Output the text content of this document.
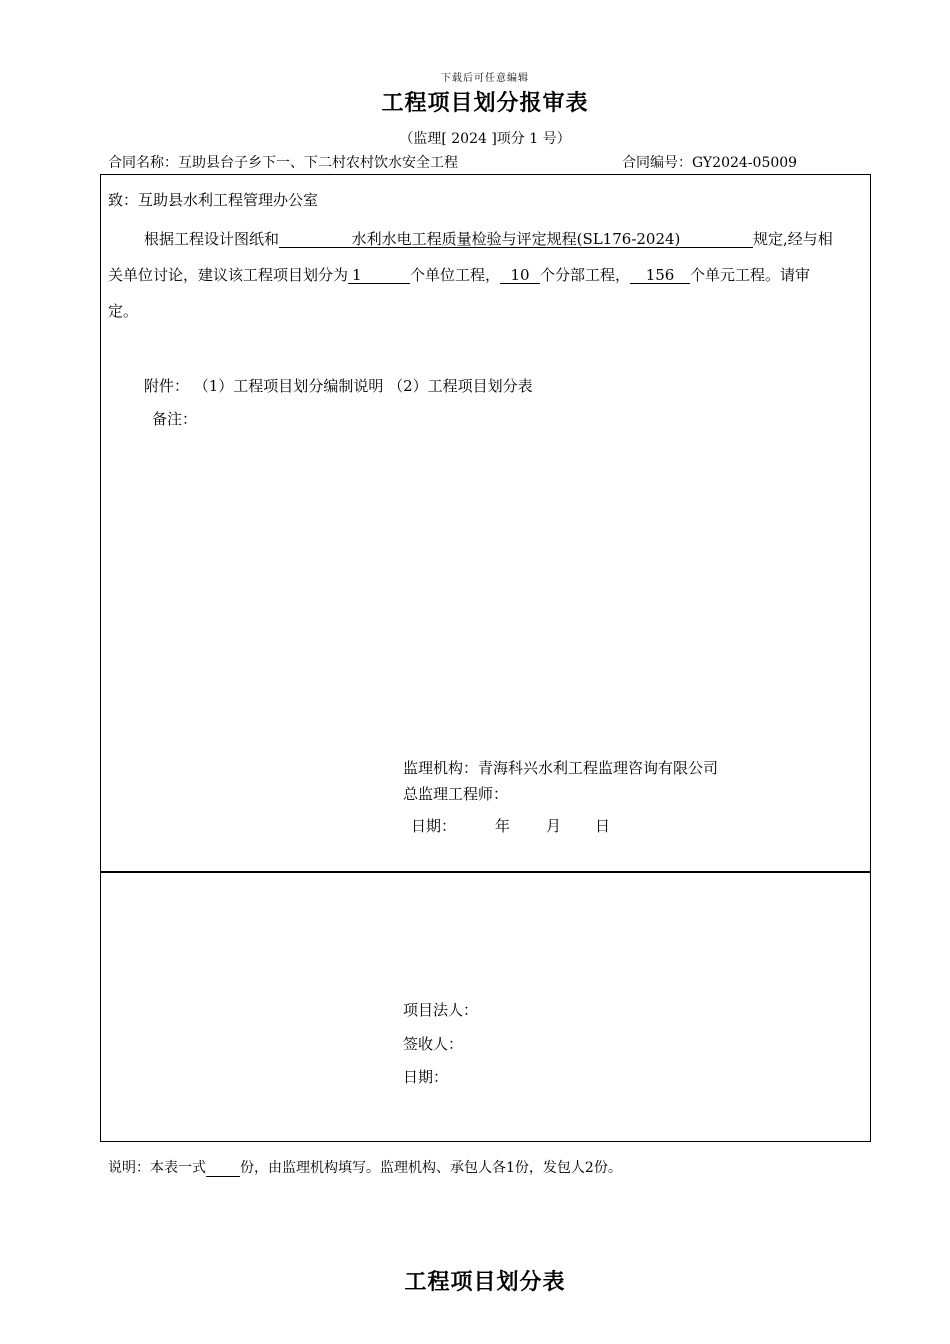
下载后可任意编辑
工程项目划分报审表
（监理[ 2024 ]项分 1 号）
合同名称：互助县台子乡下一、下二村农村饮水安全工程	合同编号：GY2024-05009
致：互助县水利工程管理办公室
根据工程设计图纸和	水利水电工程质量检验与评定规程(SL176-2024)	规定,经与相
关单位讨论，建议该工程项目划分为 1	个单位工程， 10 个分部工程， 156 个单元工程。请审
定。
附件： （1）工程项目划分编制说明 （2）工程项目划分表
备注：
监理机构：青海科兴水利工程监理咨询有限公司
总监理工程师：
日期：	年 月 日
项目法人：
签收人：
日期：
说明：本表一式 份，由监理机构填写。监理机构、承包人各1份，发包人2份。
工程项目划分表
